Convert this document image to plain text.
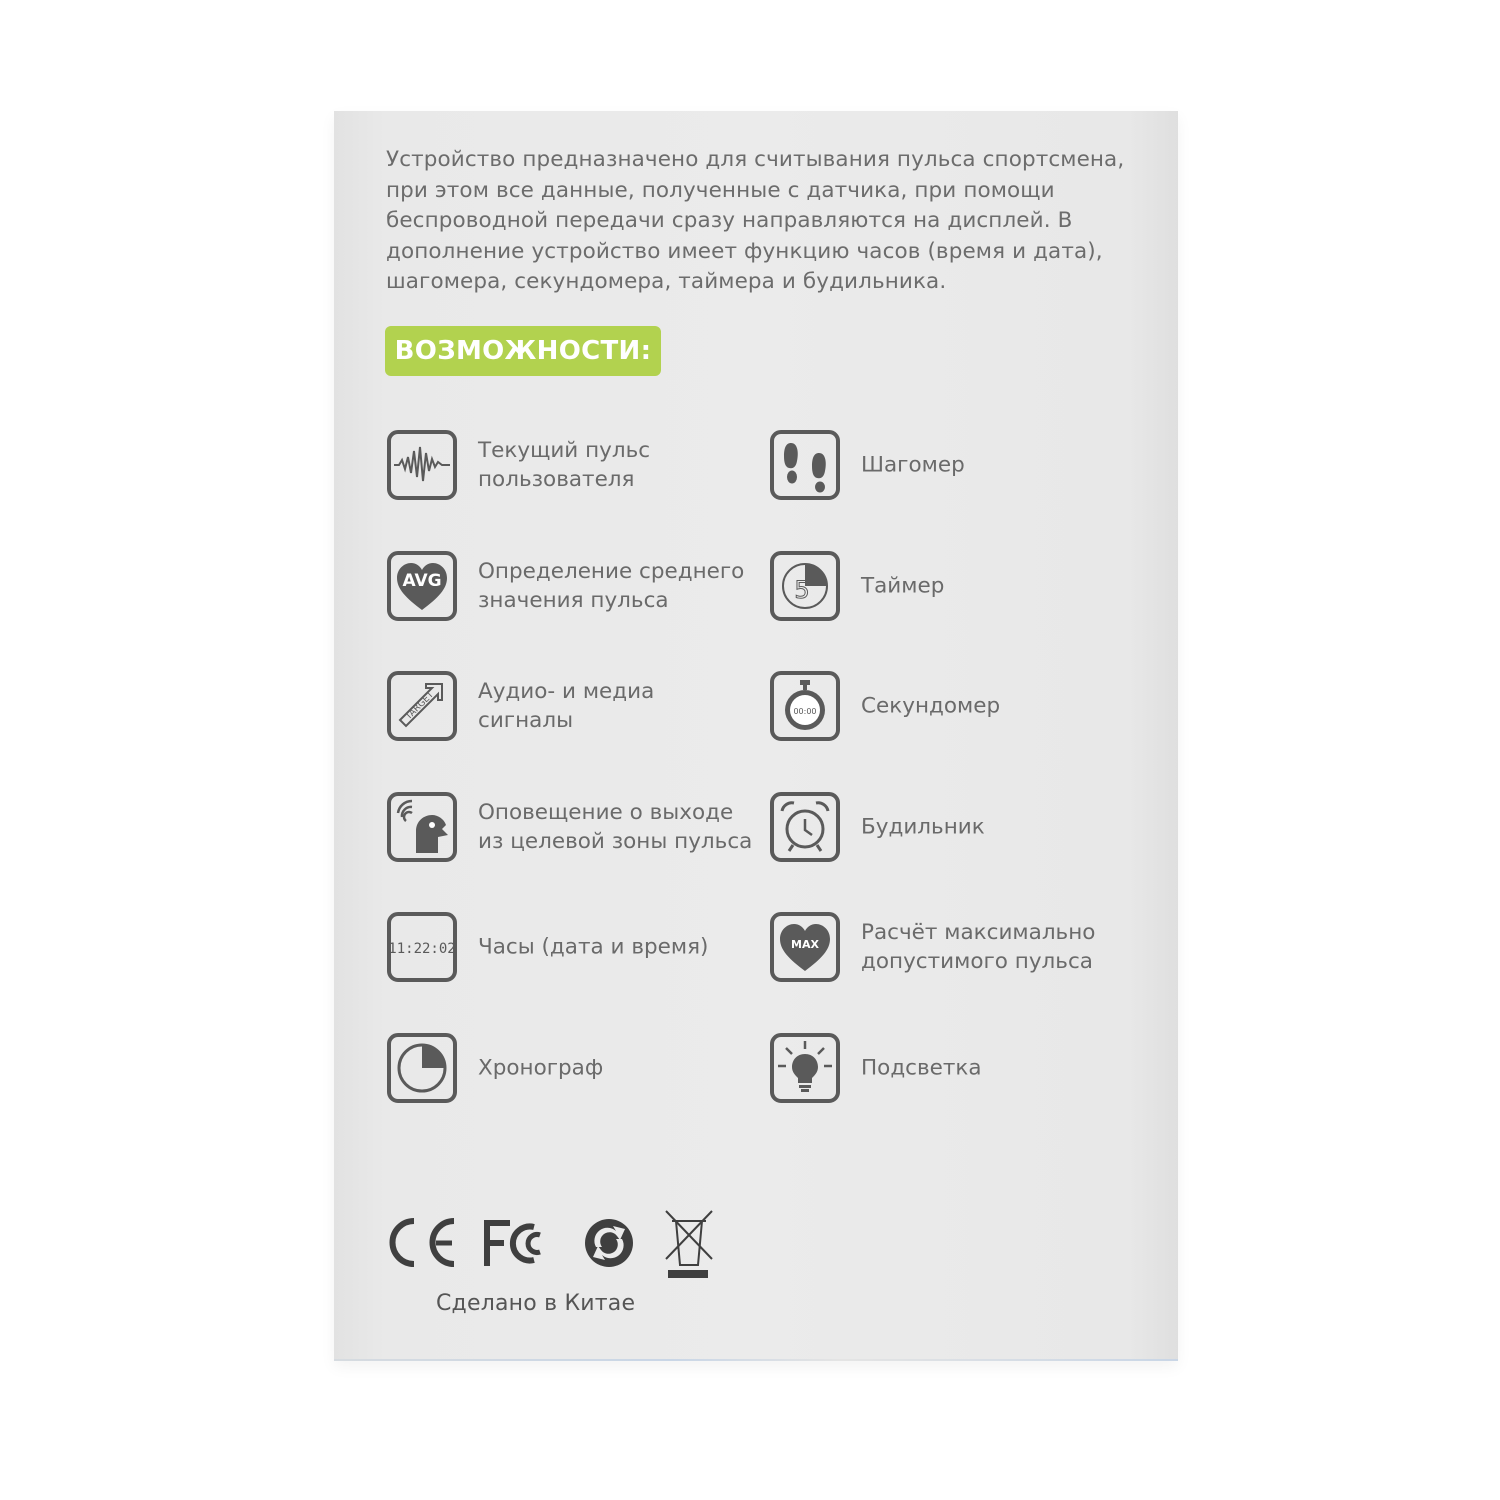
Устройство предназначено для считывания пульса спортсмена, при этом все данные, полученные с датчика, при помощи беспроводной передачи сразу направляются на дисплей. В дополнение устройство имеет функцию часов (время и дата), шагомера, секундомера, таймера и будильника.

ВОЗМОЖНОСТИ:
Текущий пульс
пользователя
AVG Определение среднего
значения пульса
TARGET Аудио- и медиа
сигналы
Оповещение о выходе
из целевой зоны пульса
11:22:02 Часы (дата и время)
Хронограф
Шагомер
5 Таймер
00:00 Секундомер
Будильник
MAX Расчёт максимально
допустимого пульса
Подсветка
Сделано в Китае
